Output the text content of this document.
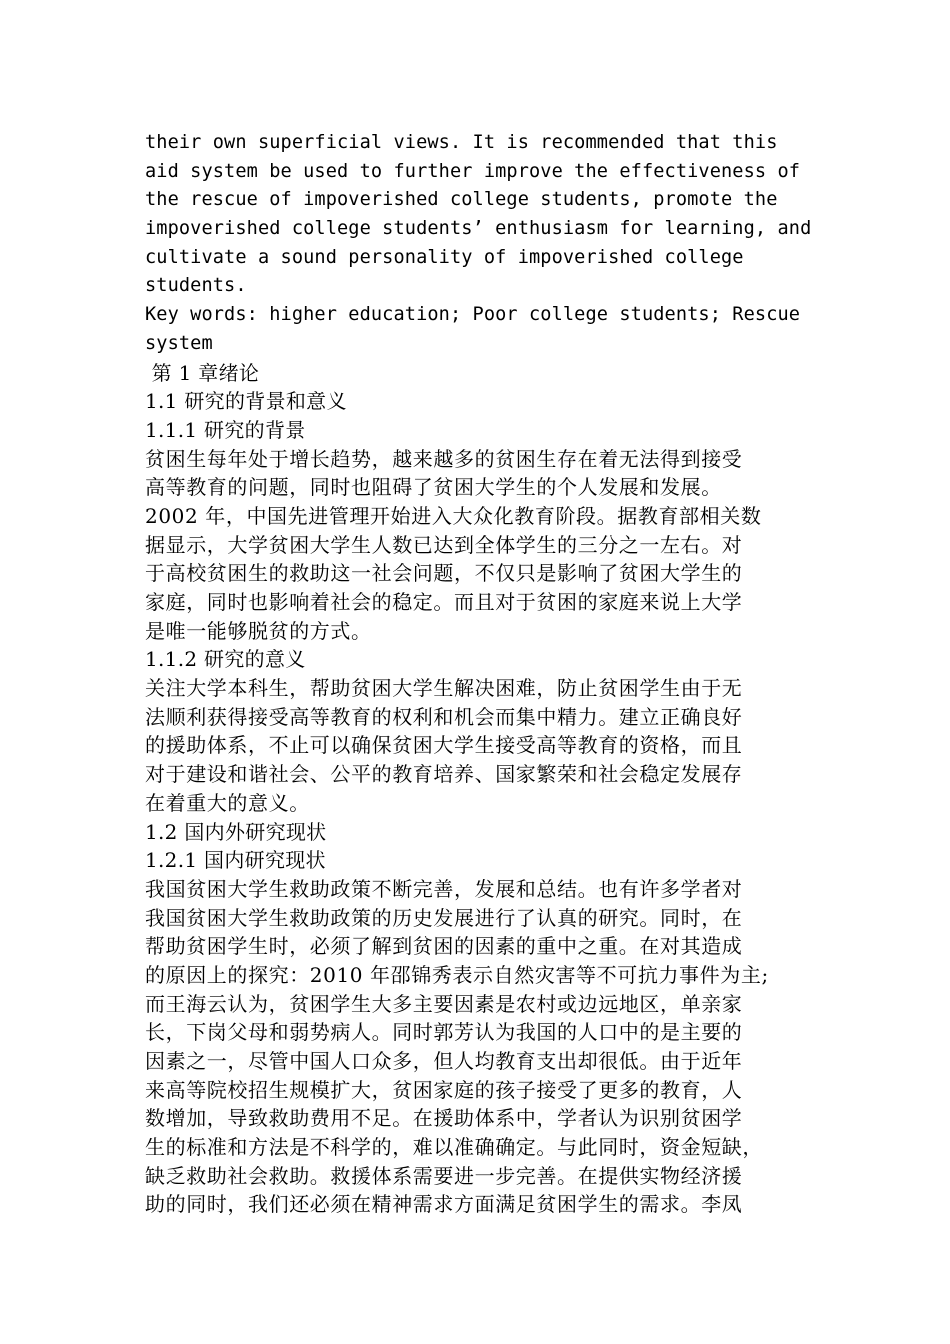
their own superficial views. It is recommended that this
aid system be used to further improve the effectiveness of
the rescue of impoverished college students, promote the
impoverished college students’ enthusiasm for learning, and
cultivate a sound personality of impoverished college
students.
Key words: higher education; Poor college students; Rescue
system
第 1 章绪论
1.1 研究的背景和意义
1.1.1 研究的背景
贫困生每年处于增长趋势，越来越多的贫困生存在着无法得到接受
高等教育的问题，同时也阻碍了贫困大学生的个人发展和发展。
2002 年，中国先进管理开始进入大众化教育阶段。据教育部相关数
据显示，大学贫困大学生人数已达到全体学生的三分之一左右。对
于高校贫困生的救助这一社会问题，不仅只是影响了贫困大学生的
家庭，同时也影响着社会的稳定。而且对于贫困的家庭来说上大学
是唯一能够脱贫的方式。
1.1.2 研究的意义
关注大学本科生，帮助贫困大学生解决困难，防止贫困学生由于无
法顺利获得接受高等教育的权利和机会而集中精力。建立正确良好
的援助体系，不止可以确保贫困大学生接受高等教育的资格，而且
对于建设和谐社会、公平的教育培养、国家繁荣和社会稳定发展存
在着重大的意义。
1.2 国内外研究现状
1.2.1 国内研究现状
我国贫困大学生救助政策不断完善，发展和总结。也有许多学者对
我国贫困大学生救助政策的历史发展进行了认真的研究。同时，在
帮助贫困学生时，必须了解到贫困的因素的重中之重。在对其造成
的原因上的探究：2010 年邵锦秀表示自然灾害等不可抗力事件为主;
而王海云认为，贫困学生大多主要因素是农村或边远地区，单亲家
长，下岗父母和弱势病人。同时郭芳认为我国的人口中的是主要的
因素之一，尽管中国人口众多，但人均教育支出却很低。由于近年
来高等院校招生规模扩大，贫困家庭的孩子接受了更多的教育，人
数增加，导致救助费用不足。在援助体系中，学者认为识别贫困学
生的标准和方法是不科学的，难以准确确定。与此同时，资金短缺，
缺乏救助社会救助。救援体系需要进一步完善。在提供实物经济援
助的同时，我们还必须在精神需求方面满足贫困学生的需求。李凤
